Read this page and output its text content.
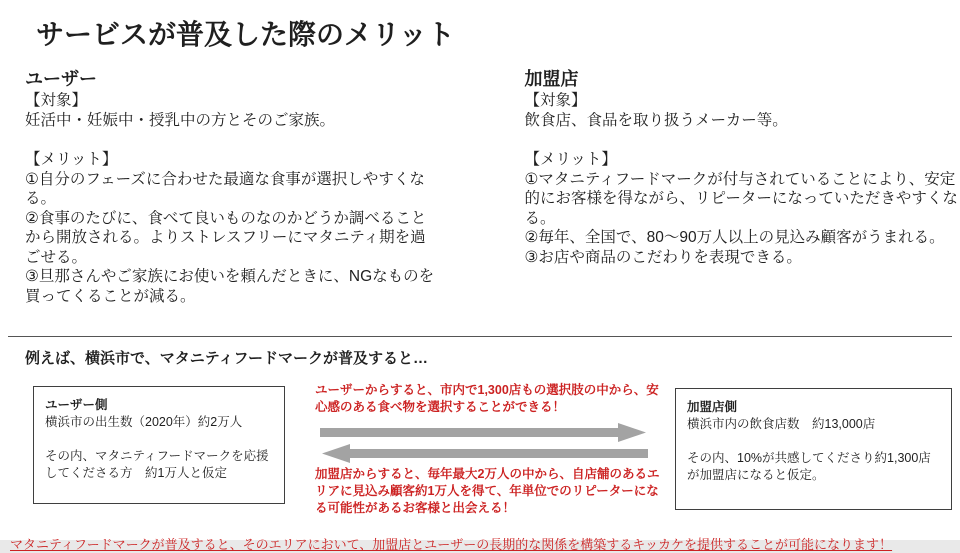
サービスが普及した際のメリット
ユーザー
【対象】
妊活中・妊娠中・授乳中の方とそのご家族。
【メリット】
①自分のフェーズに合わせた最適な食事が選択しやすくなる。
②食事のたびに、食べて良いものなのかどうか調べることから開放される。よりストレスフリーにマタニティ期を過ごせる。
③旦那さんやご家族にお使いを頼んだときに、NGなものを買ってくることが減る。
加盟店
【対象】
飲食店、食品を取り扱うメーカー等。
【メリット】
①マタニティフードマークが付与されていることにより、安定的にお客様を得ながら、リピーターになっていただきやすくなる。
②毎年、全国で、80～90万人以上の見込み顧客がうまれる。
③お店や商品のこだわりを表現できる。
例えば、横浜市で、マタニティフードマークが普及すると…
ユーザー側
横浜市の出生数（2020年）約2万人
その内、マタニティフードマークを応援してくださる方　約1万人と仮定
ユーザーからすると、市内で1,300店もの選択肢の中から、安心感のある食べ物を選択することができる！
加盟店からすると、毎年最大2万人の中から、自店舗のあるエリアに見込み顧客約1万人を得て、年単位でのリピーターになる可能性があるお客様と出会える！
加盟店側
横浜市内の飲食店数　約13,000店
その内、10%が共感してくださり約1,300店が加盟店になると仮定。
マタニティフードマークが普及すると、そのエリアにおいて、加盟店とユーザーの長期的な関係を構築するキッカケを提供することが可能になります！
